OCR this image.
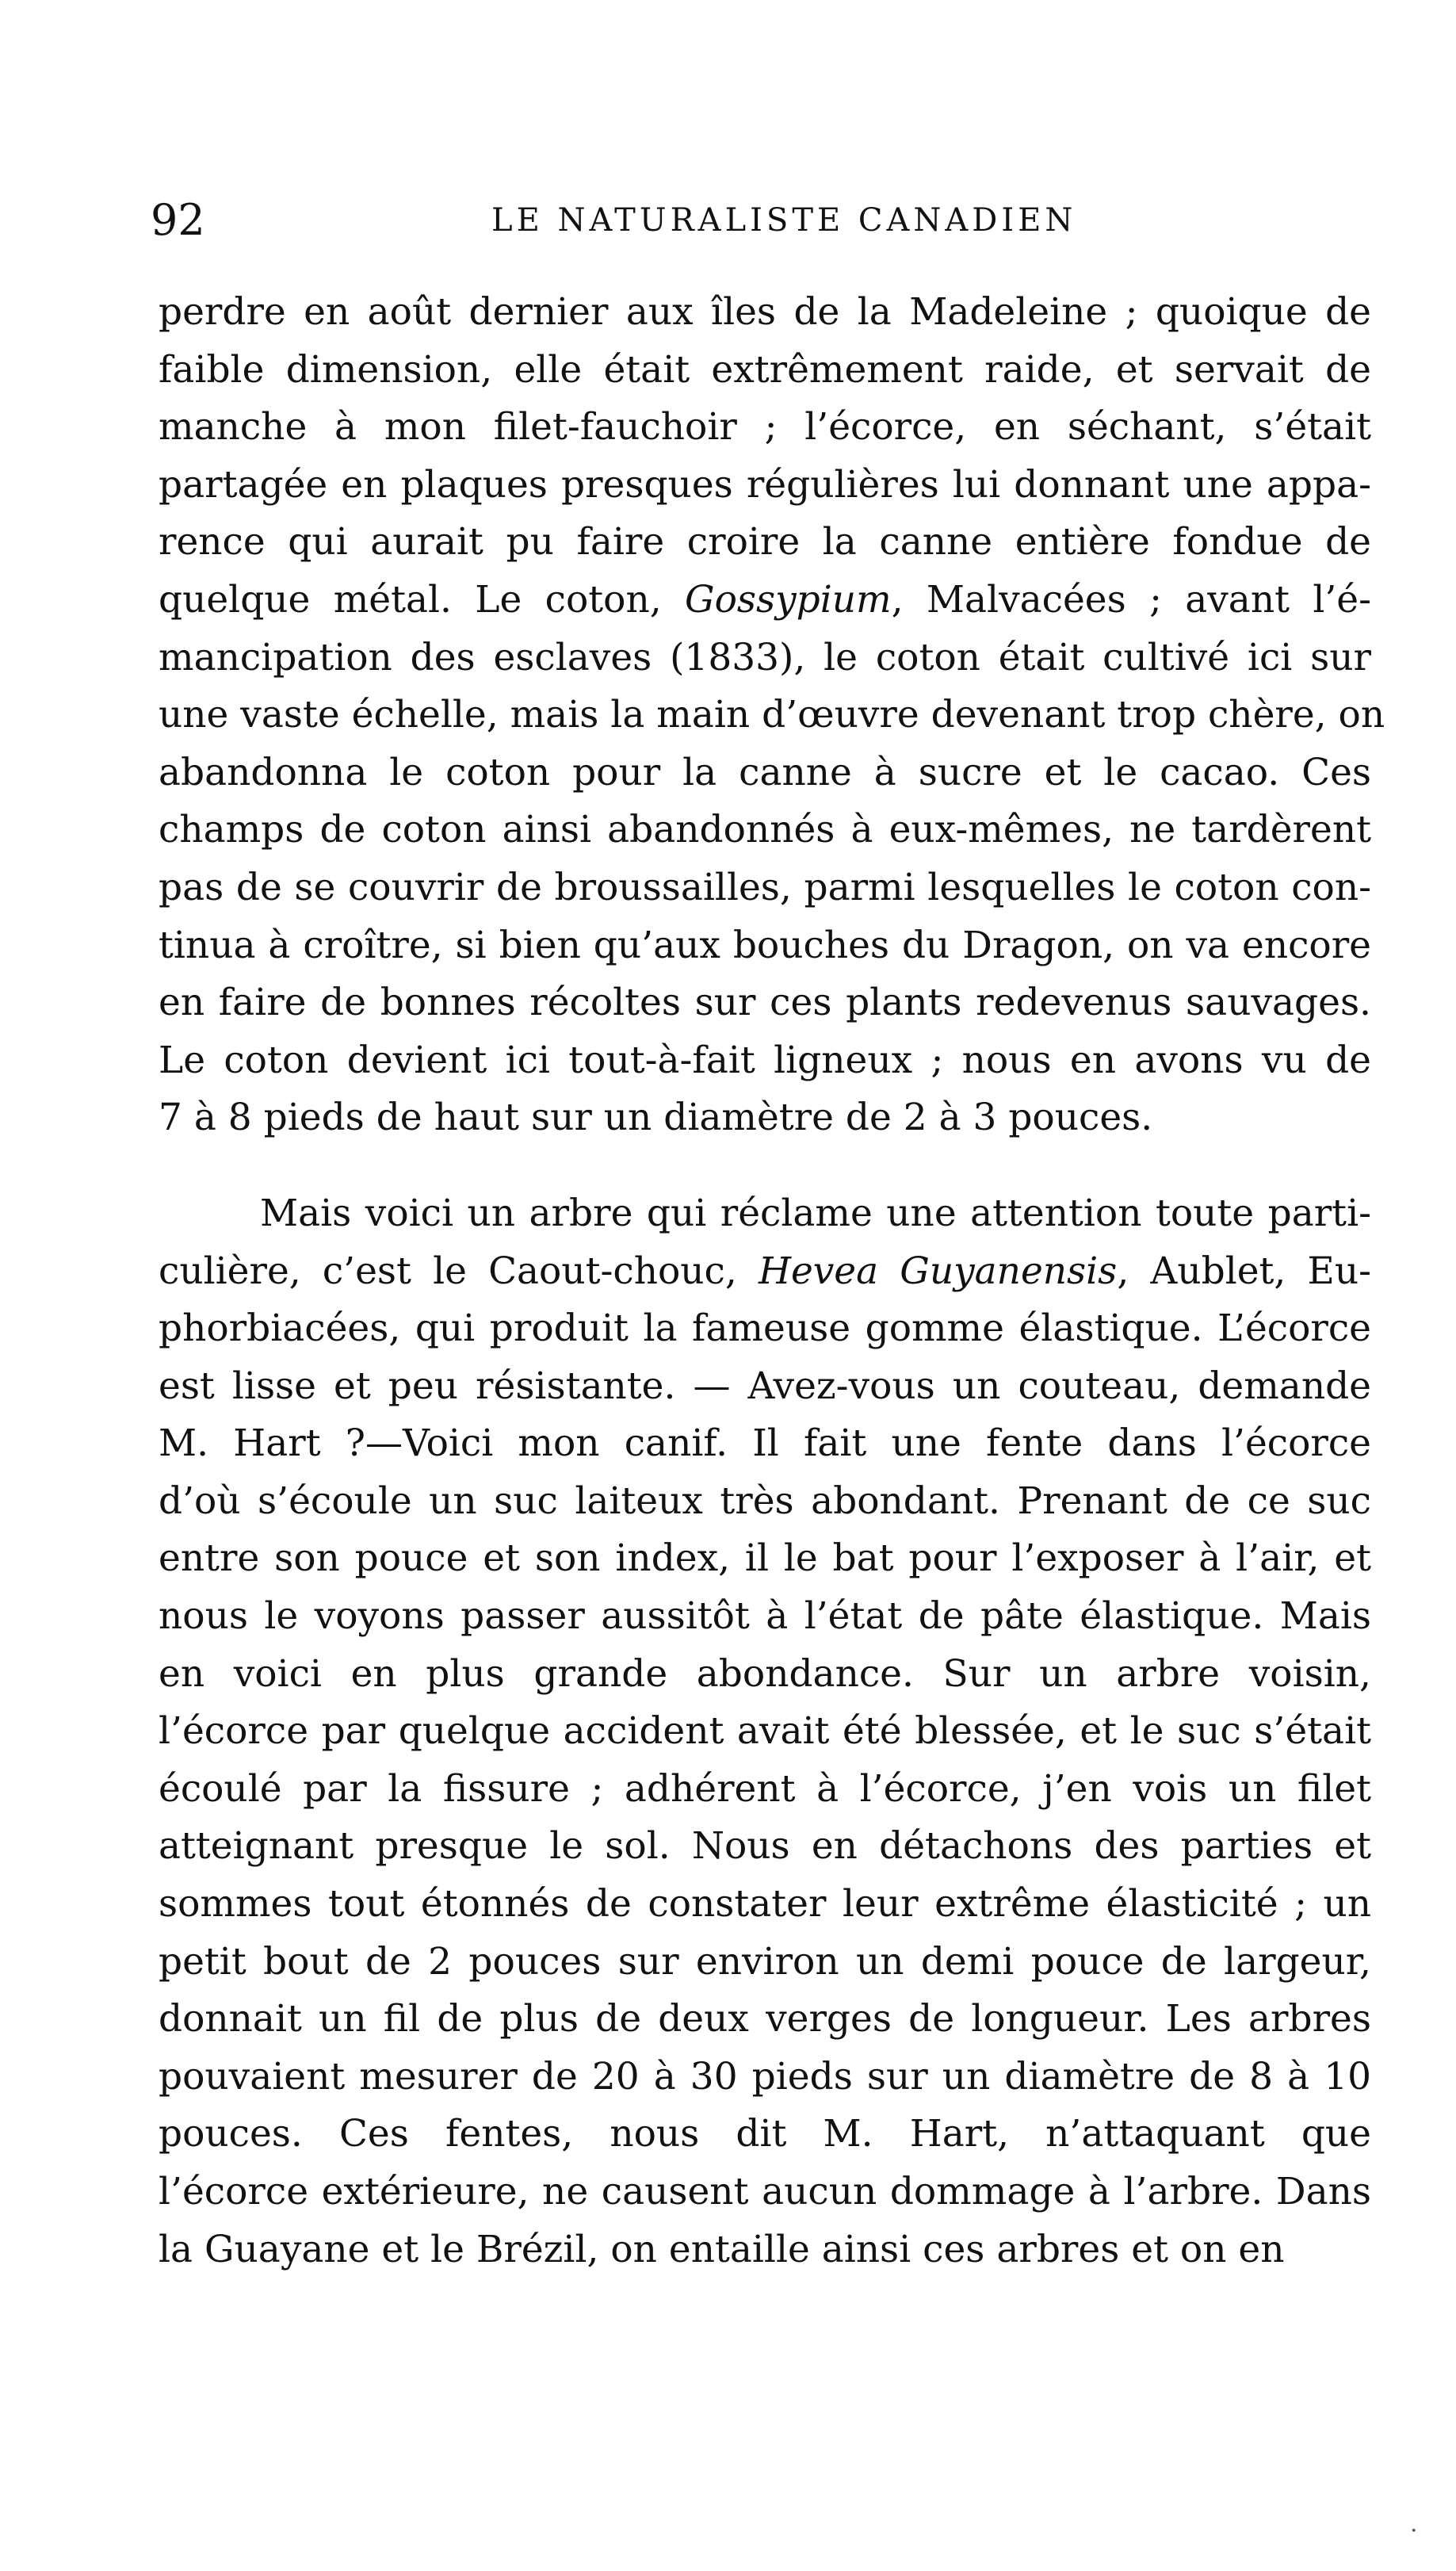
92	LE NATURALISTE CANADIEN
perdre en août dernier aux îles de la Madeleine ; quoique de
faible dimension, elle était extrêmement raide, et servait de
manche à mon filet-fauchoir ; l’écorce, en séchant, s’était
partagée en plaques presques régulières lui donnant une appa-
rence qui aurait pu faire croire la canne entière fondue de
quelque métal. Le coton, Gossypium, Malvacées ; avant l’é-
mancipation des esclaves (1833), le coton était cultivé ici sur
une vaste échelle, mais la main d’œuvre devenant trop chère, on
abandonna le coton pour la canne à sucre et le cacao. Ces
champs de coton ainsi abandonnés à eux-mêmes, ne tardèrent
pas de se couvrir de broussailles, parmi lesquelles le coton con-
tinua à croître, si bien qu’aux bouches du Dragon, on va encore
en faire de bonnes récoltes sur ces plants redevenus sauvages.
Le coton devient ici tout-à-fait ligneux ; nous en avons vu de
7 à 8 pieds de haut sur un diamètre de 2 à 3 pouces.
Mais voici un arbre qui réclame une attention toute parti-
culière, c’est le Caout-chouc, Hevea Guyanensis, Aublet, Eu-
phorbiacées, qui produit la fameuse gomme élastique. L’écorce
est lisse et peu résistante. — Avez-vous un couteau, demande
M. Hart ?—Voici mon canif. Il fait une fente dans l’écorce
d’où s’écoule un suc laiteux très abondant. Prenant de ce suc
entre son pouce et son index, il le bat pour l’exposer à l’air, et
nous le voyons passer aussitôt à l’état de pâte élastique. Mais
en voici en plus grande abondance. Sur un arbre voisin,
l’écorce par quelque accident avait été blessée, et le suc s’était
écoulé par la fissure ; adhérent à l’écorce, j’en vois un filet
atteignant presque le sol. Nous en détachons des parties et
sommes tout étonnés de constater leur extrême élasticité ; un
petit bout de 2 pouces sur environ un demi pouce de largeur,
donnait un fil de plus de deux verges de longueur. Les arbres
pouvaient mesurer de 20 à 30 pieds sur un diamètre de 8 à 10
pouces. Ces fentes, nous dit M. Hart, n’attaquant que
l’écorce extérieure, ne causent aucun dommage à l’arbre. Dans
la Guayane et le Brézil, on entaille ainsi ces arbres et on en
·
